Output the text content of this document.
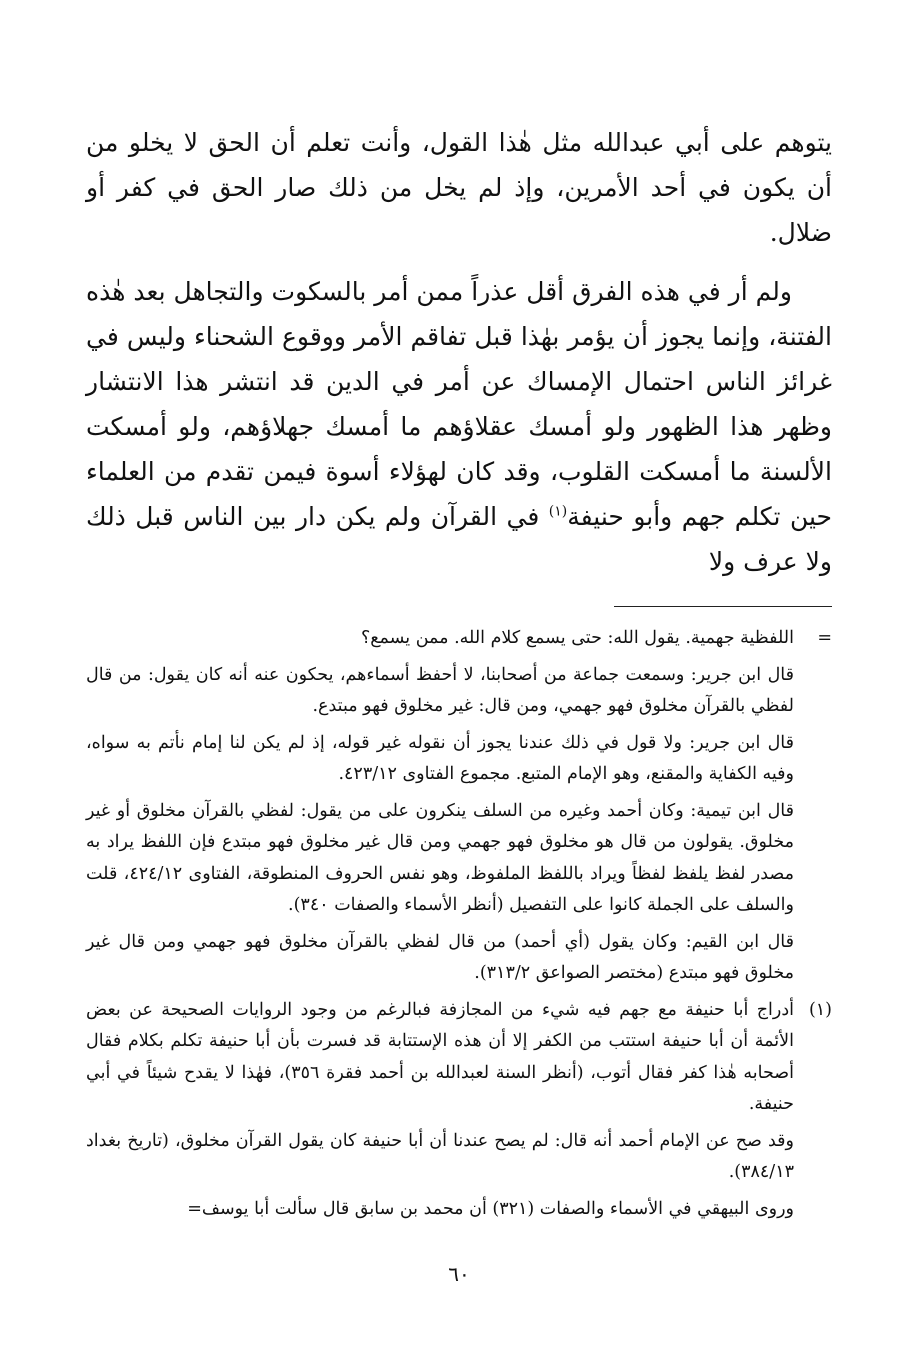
يتوهم على أبي عبدالله مثل هٰذا القول، وأنت تعلم أن الحق لا يخلو من أن يكون في أحد الأمرين، وإذ لم يخل من ذلك صار الحق في كفر أو ضلال.

ولم أر في هذه الفرق أقل عذراً ممن أمر بالسكوت والتجاهل بعد هٰذه الفتنة، وإنما يجوز أن يؤمر بهٰذا قبل تفاقم الأمر ووقوع الشحناء وليس في غرائز الناس احتمال الإمساك عن أمر في الدين قد انتشر هذا الانتشار وظهر هذا الظهور ولو أمسك عقلاؤهم ما أمسك جهلاؤهم، ولو أمسكت الألسنة ما أمسكت القلوب، وقد كان لهؤلاء أسوة فيمن تقدم من العلماء حين تكلم جهم وأبو حنيفة$^{(١)}$ في القرآن ولم يكن دار بين الناس قبل ذلك ولا عرف ولا

=

اللفظية جهمية. يقول الله: حتى يسمع كلام الله. ممن يسمع؟

قال ابن جرير: وسمعت جماعة من أصحابنا، لا أحفظ أسماءهم، يحكون عنه أنه كان يقول: من قال لفظي بالقرآن مخلوق فهو جهمي، ومن قال: غير مخلوق فهو مبتدع.

قال ابن جرير: ولا قول في ذلك عندنا يجوز أن نقوله غير قوله، إذ لم يكن لنا إمام نأتم به سواه، وفيه الكفاية والمقنع، وهو الإمام المتبع. مجموع الفتاوى ٤٢٣/١٢.

قال ابن تيمية: وكان أحمد وغيره من السلف ينكرون على من يقول: لفظي بالقرآن مخلوق أو غير مخلوق. يقولون من قال هو مخلوق فهو جهمي ومن قال غير مخلوق فهو مبتدع فإن اللفظ يراد به مصدر لفظ يلفظ لفظاً ويراد باللفظ الملفوظ، وهو نفس الحروف المنطوقة، الفتاوى ٤٢٤/١٢، قلت والسلف على الجملة كانوا على التفصيل (أنظر الأسماء والصفات ٣٤٠).

قال ابن القيم: وكان يقول (أي أحمد) من قال لفظي بالقرآن مخلوق فهو جهمي ومن قال غير مخلوق فهو مبتدع (مختصر الصواعق ٣١٣/٢).

(١)

أدراج أبا حنيفة مع جهم فيه شيء من المجازفة فبالرغم من وجود الروايات الصحيحة عن بعض الأئمة أن أبا حنيفة استتب من الكفر إلا أن هذه الإستتابة قد فسرت بأن أبا حنيفة تكلم بكلام فقال أصحابه هٰذا كفر فقال أتوب، (أنظر السنة لعبدالله بن أحمد فقرة ٣٥٦)، فهٰذا لا يقدح شيئاً في أبي حنيفة.

وقد صح عن الإمام أحمد أنه قال: لم يصح عندنا أن أبا حنيفة كان يقول القرآن مخلوق، (تاريخ بغداد ٣٨٤/١٣).

وروى البيهقي في الأسماء والصفات (٣٢١) أن محمد بن سابق قال سألت أبا يوسف=

٦٠
